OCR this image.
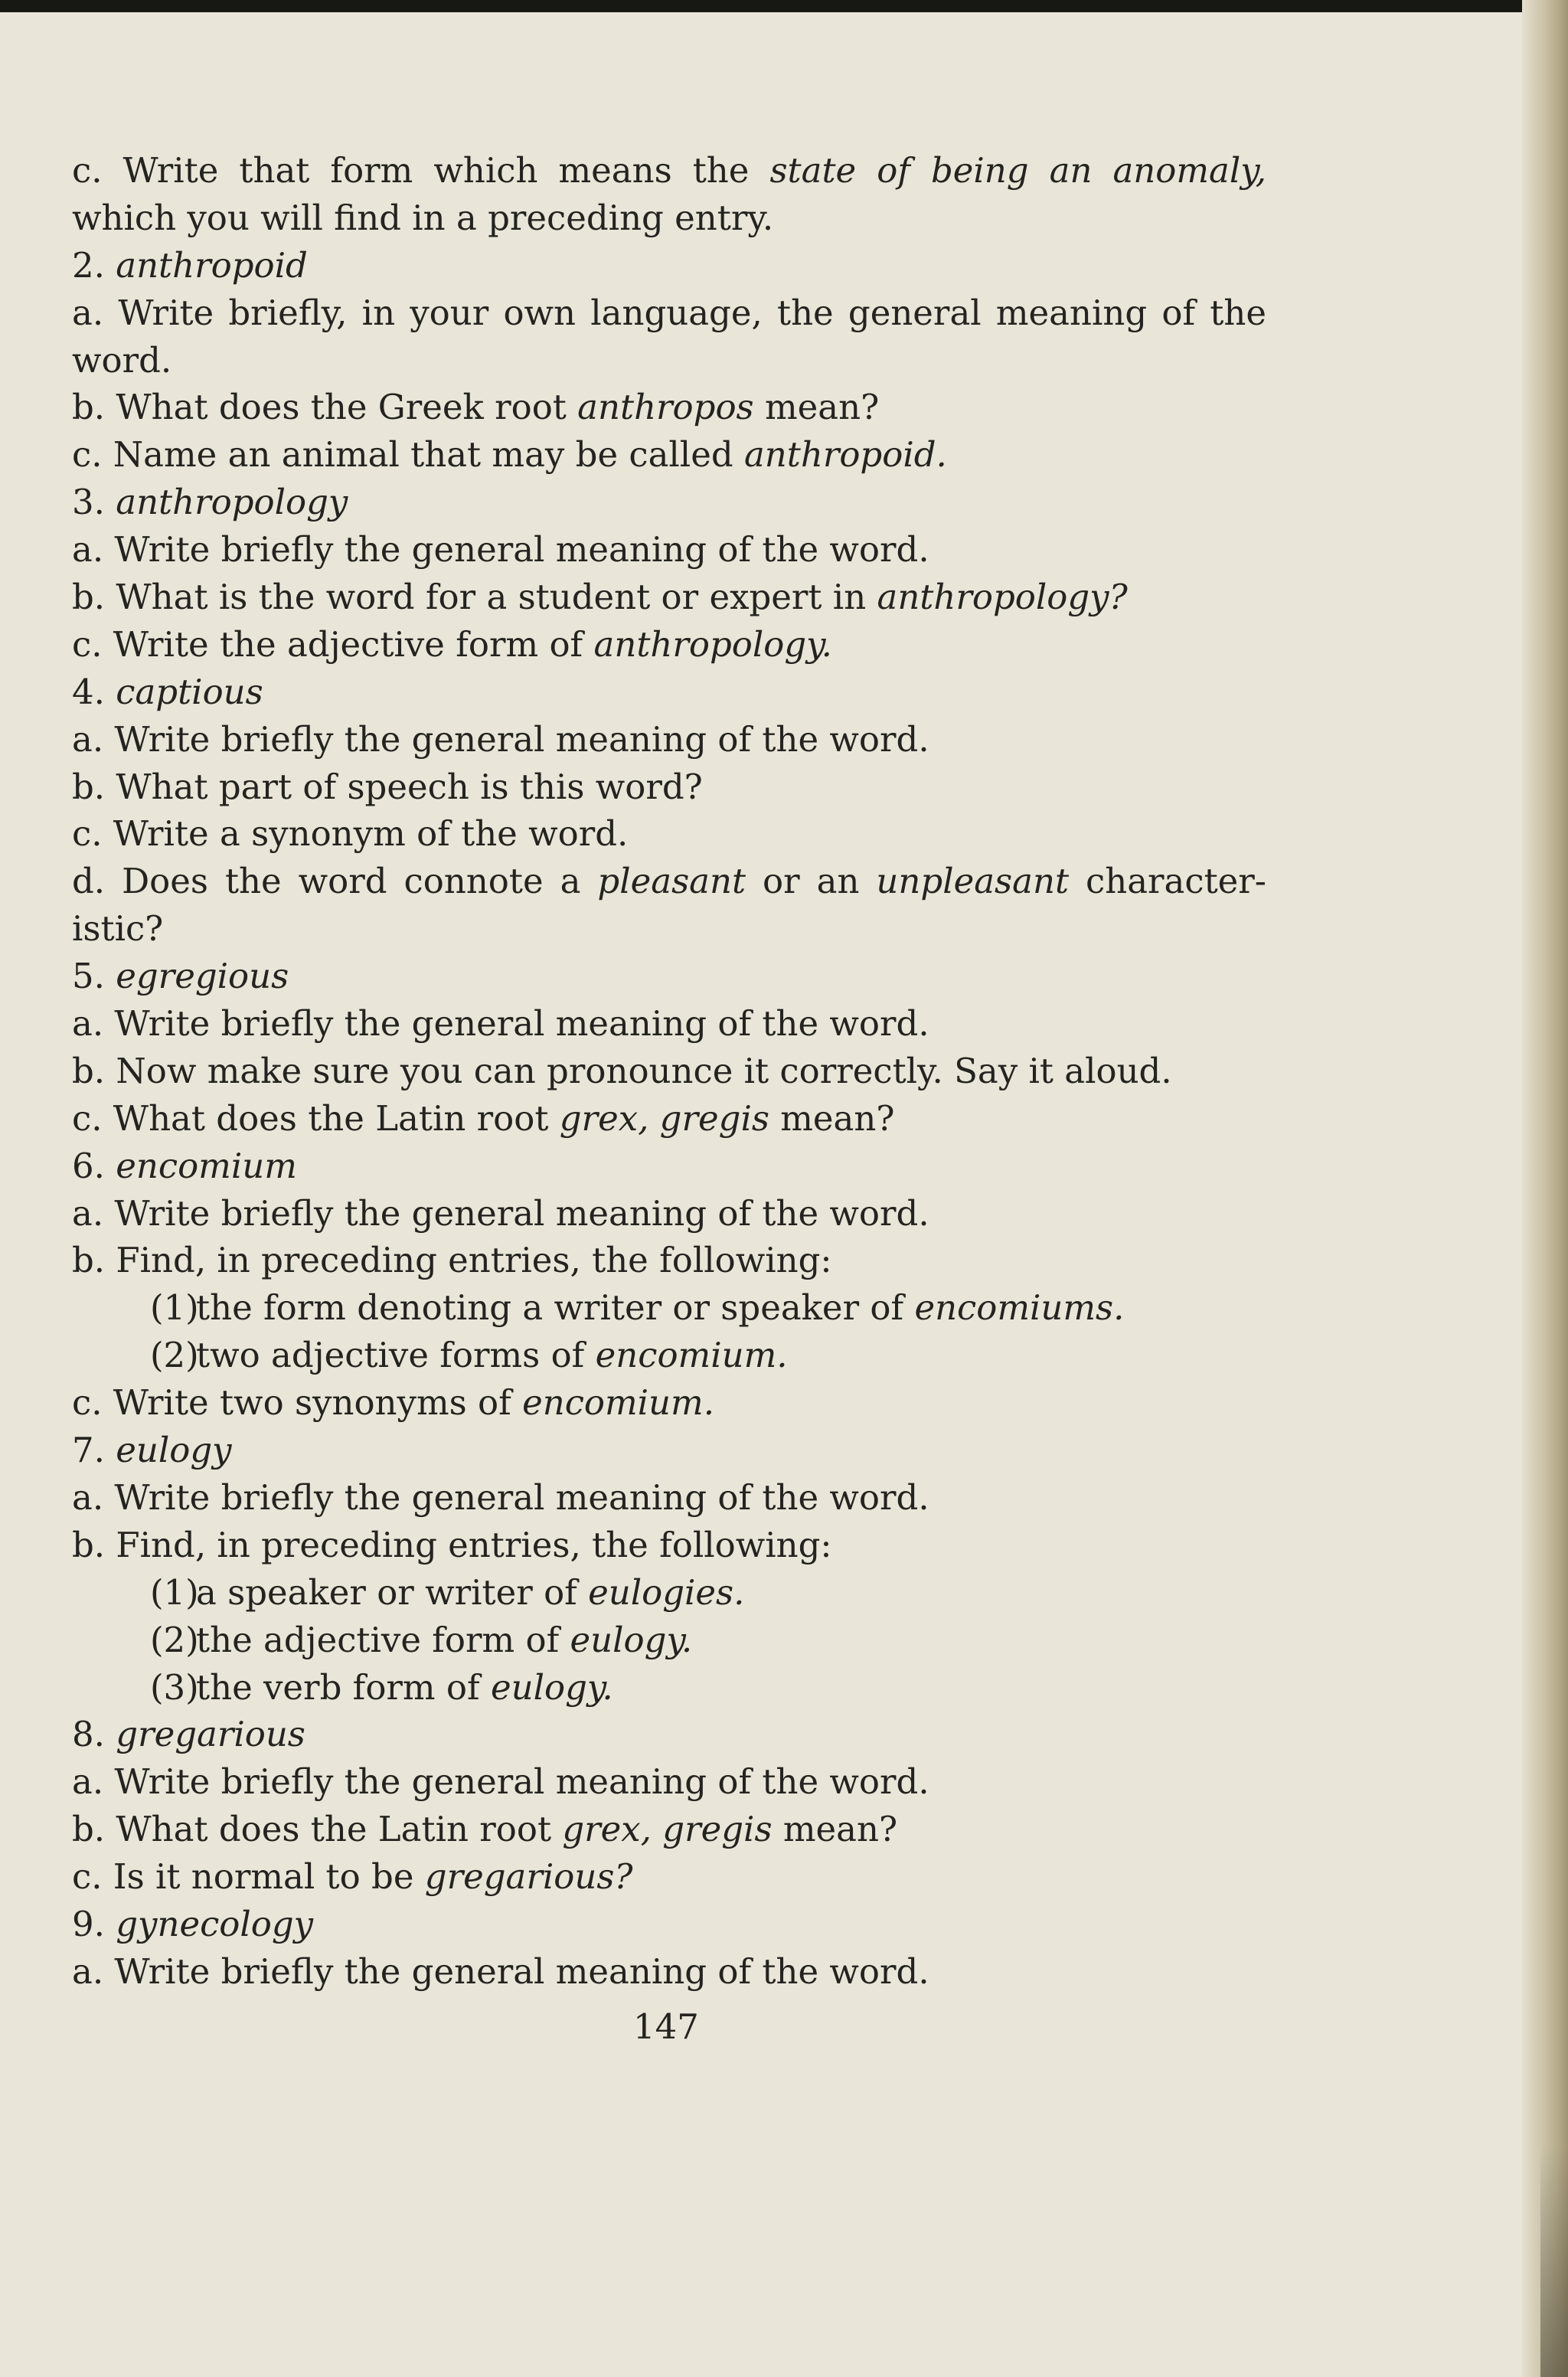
c. Write that form which means the state of being an anomaly,
which you will find in a preceding entry.
2. anthropoid
a. Write briefly, in your own language, the general meaning of the
word.
b. What does the Greek root anthropos mean?
c. Name an animal that may be called anthropoid.
3. anthropology
a. Write briefly the general meaning of the word.
b. What is the word for a student or expert in anthropology?
c. Write the adjective form of anthropology.
4. captious
a. Write briefly the general meaning of the word.
b. What part of speech is this word?
c. Write a synonym of the word.
d. Does the word connote a pleasant or an unpleasant character-
istic?
5. egregious
a. Write briefly the general meaning of the word.
b. Now make sure you can pronounce it correctly. Say it aloud.
c. What does the Latin root grex, gregis mean?
6. encomium
a. Write briefly the general meaning of the word.
b. Find, in preceding entries, the following:
(1)the form denoting a writer or speaker of encomiums.
(2)two adjective forms of encomium.
c. Write two synonyms of encomium.
7. eulogy
a. Write briefly the general meaning of the word.
b. Find, in preceding entries, the following:
(1)a speaker or writer of eulogies.
(2)the adjective form of eulogy.
(3)the verb form of eulogy.
8. gregarious
a. Write briefly the general meaning of the word.
b. What does the Latin root grex, gregis mean?
c. Is it normal to be gregarious?
9. gynecology
a. Write briefly the general meaning of the word.
147
